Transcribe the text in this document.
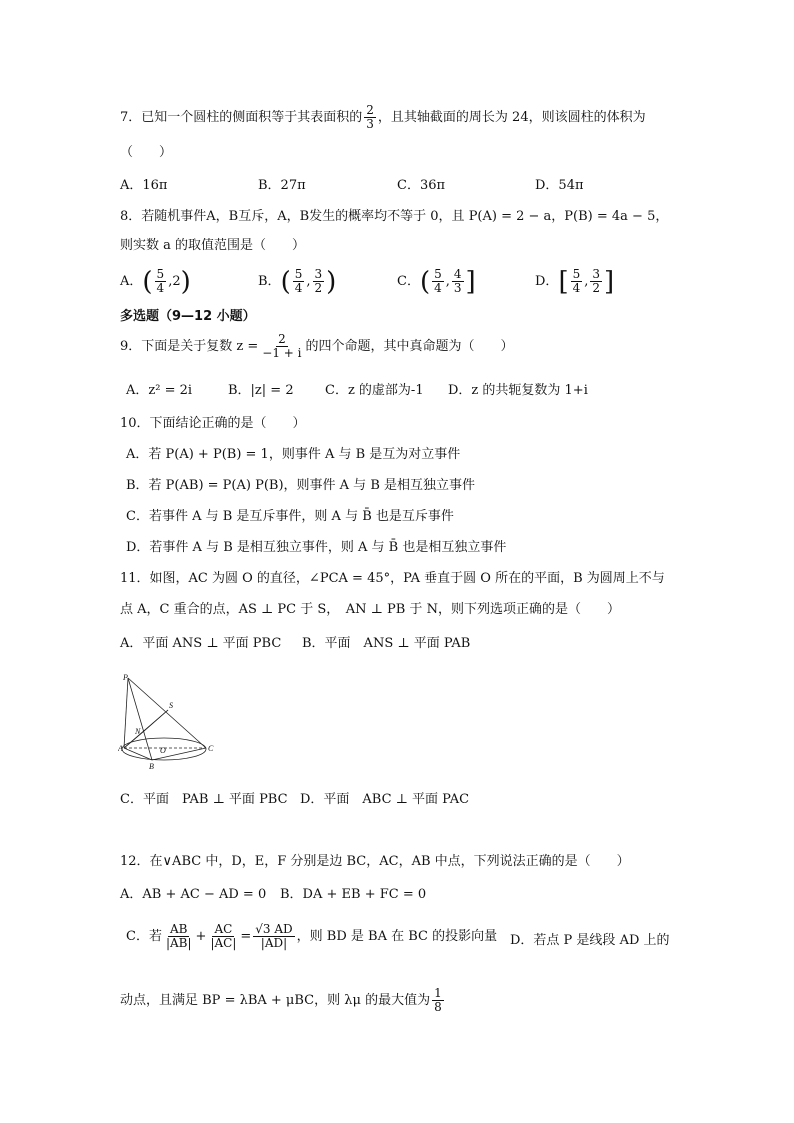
7．已知一个圆柱的侧面积等于其表面积的 $\frac{2}{3}$ ，且其轴截面的周长为 24，则该圆柱的体积为
（　　）
A．16π	B．27π	C．36π	D．54π
8．若随机事件A，B互斥，A，B发生的概率均不等于 0，且 P(A) = 2 − a，P(B) = 4a − 5，
则实数 a 的取值范围是（　　）
A．( $\frac{5}{4} ,2$)	B．( $\frac{5}{4}$ , $\frac{3}{2}$ )	C．( $\frac{5}{4}$ , $\frac{4}{3}$ ]	D．[ $\frac{5}{4}$ , $\frac{3}{2}$ ]
多选题（9—12 小题）
9．下面是关于复数 $z = \frac{2}{-1 + i}$ 的四个命题，其中真命题为（　　）
A．z² = 2i	B．|z| = 2 C．z 的虚部为-1 D．z 的共轭复数为 1+i
10．下面结论正确的是（　　）
A．若 P(A) + P(B) = 1，则事件 A 与 B 是互为对立事件
B．若 P(AB) = P(A) P(B)，则事件 A 与 B 是相互独立事件
C．若事件 A 与 B 是互斥事件，则 A 与 B̄ 也是互斥事件
D．若事件 A 与 B 是相互独立事件，则 A 与 B̄ 也是相互独立事件
11．如图，AC 为圆 O 的直径，∠PCA = 45°，PA 垂直于圆 O 所在的平面，B 为圆周上不与
点 A，C 重合的点，AS ⊥ PC 于 S，　AN ⊥ PB 于 N，则下列选项正确的是（　　）
A．平面 ANS ⊥ 平面 PBC B．平面　ANS ⊥ 平面 PAB
P
S
N
A	O	C
B
C．平面　PAB ⊥ 平面 PBC D．平面　ABC ⊥ 平面 PAC
12．在∨ABC 中，D，E，F 分别是边 BC，AC，AB 中点，下列说法正确的是（　　）
A．AB + AC − AD = 0 B．DA + EB + FC = 0
C．若 $\frac{AB}{|AB|} + \frac{AC}{|AC|} = \frac{√3 AD}{|AD|}$ ，则 BD 是 BA 在 BC 的投影向量 D．若点 P 是线段 AD 上的
动点，且满足 BP = λBA + μBC，则 λμ 的最大值为 $\frac{1}{8}$
